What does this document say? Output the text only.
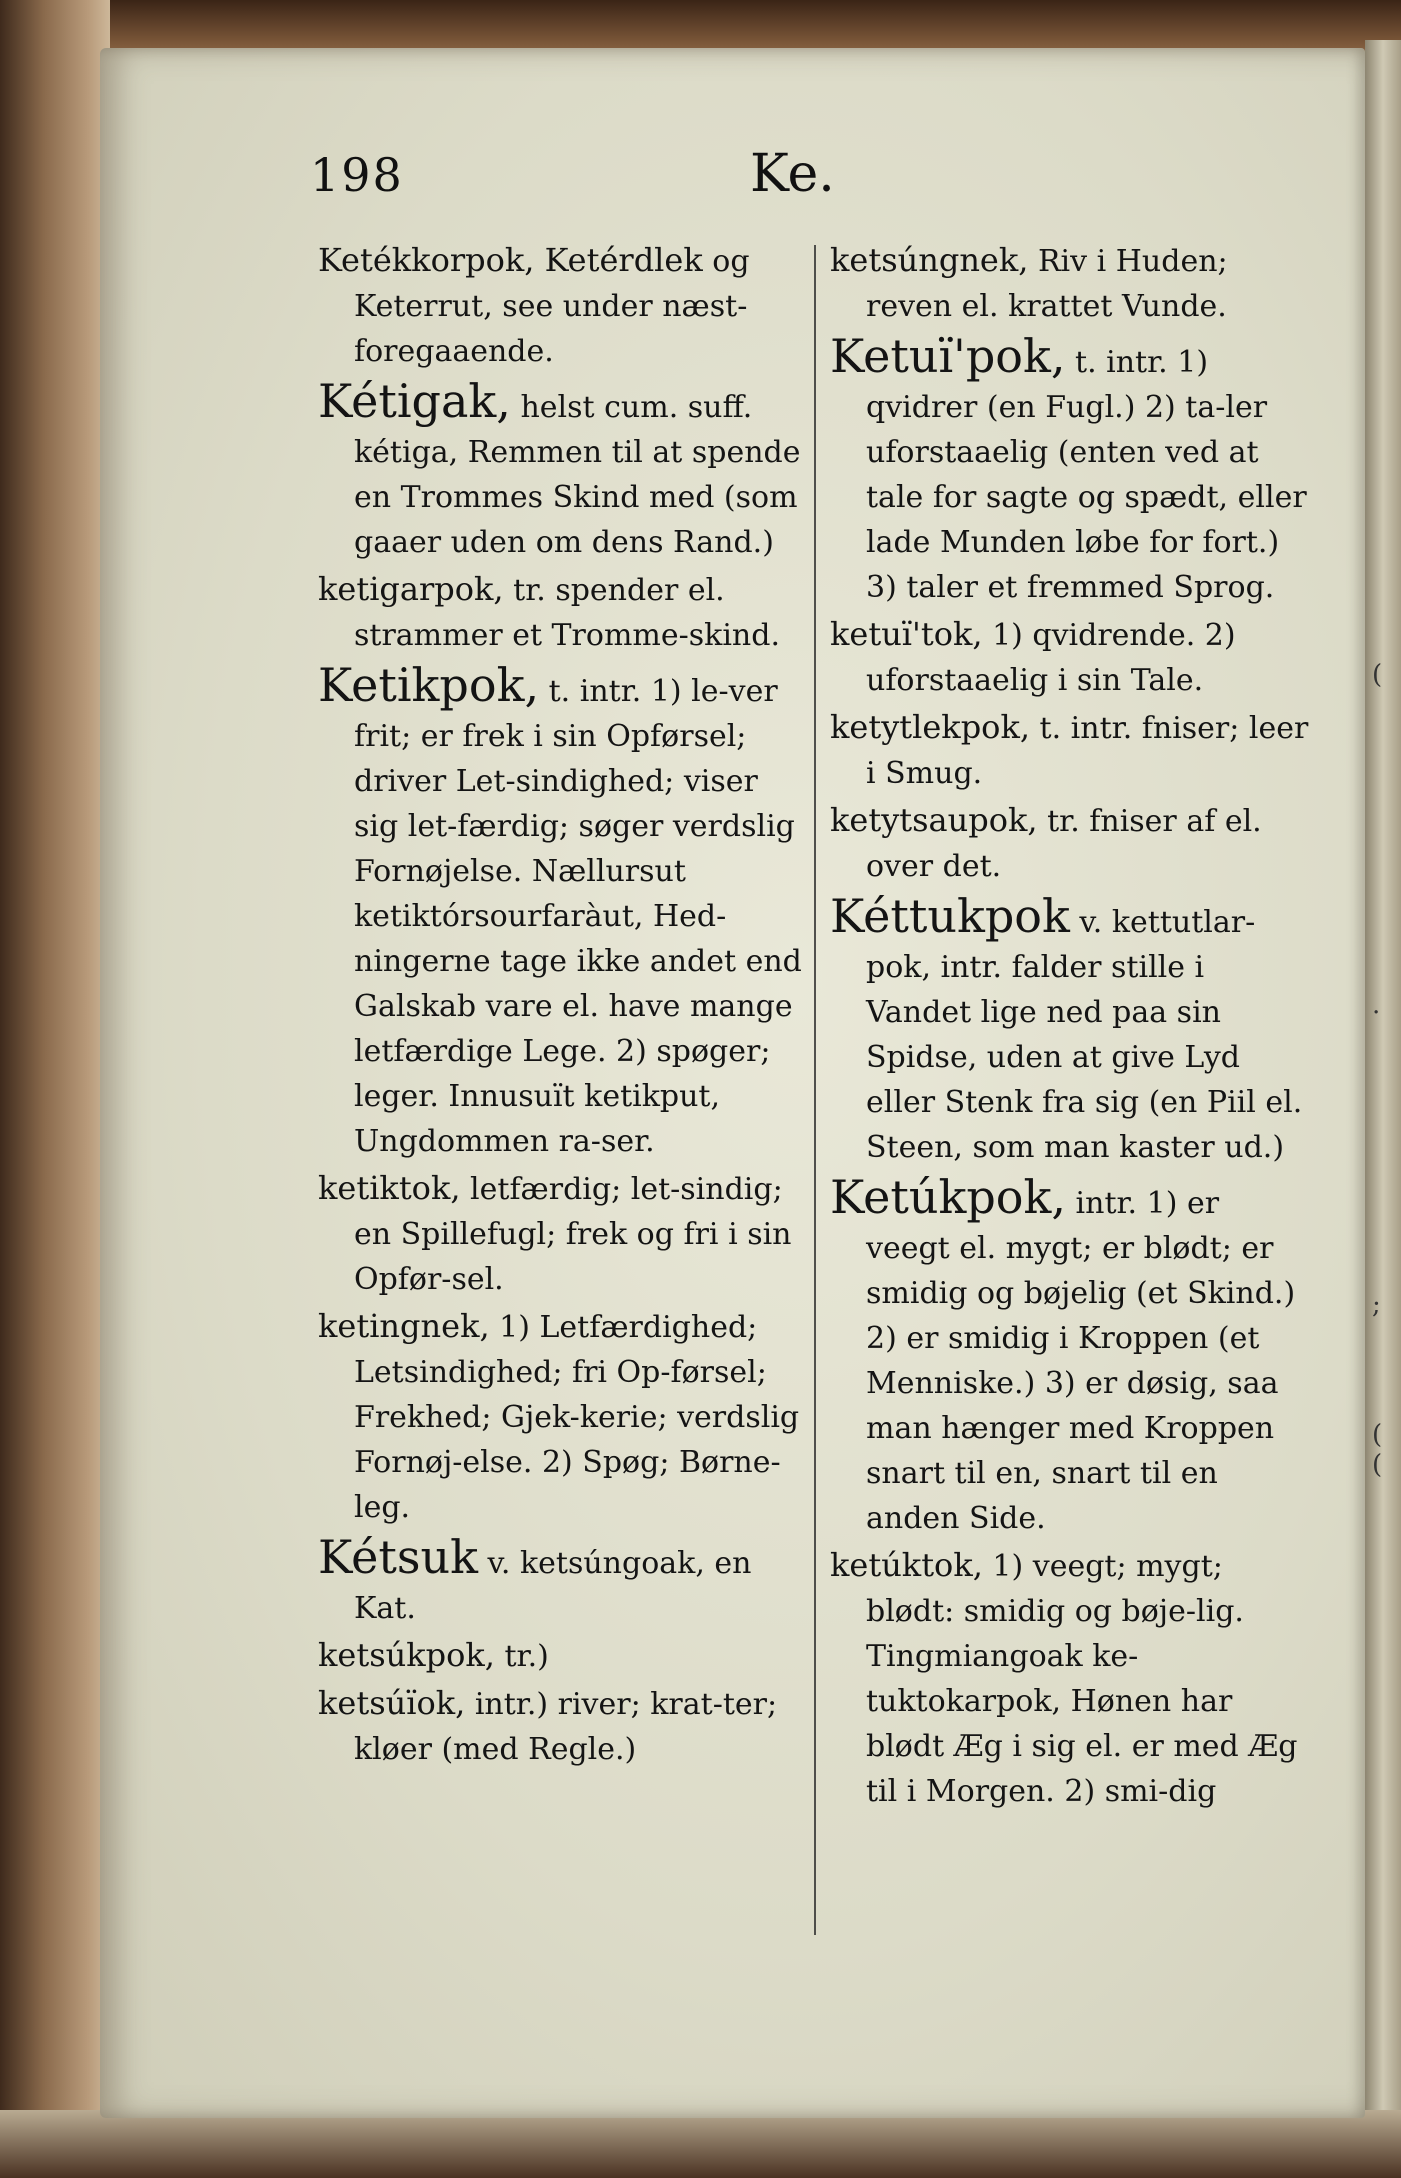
198	Ke.

Ketékkorpok, Ketérdlek og Keterrut, see under næst-foregaaende.

Kétigak, helst cum. suff. kétiga, Remmen til at spende en Trommes Skind med (som gaaer uden om dens Rand.)

ketigarpok, tr. spender el. strammer et Tromme-skind.

Ketikpok, t. intr. 1) le-ver frit; er frek i sin Opførsel; driver Let-sindighed; viser sig let-færdig; søger verdslig Fornøjelse. Nællursut ketiktórsourfaràut, Hed-ningerne tage ikke andet end Galskab vare el. have mange letfærdige Lege. 2) spøger; leger. Innusuït ketikput, Ungdommen ra-ser.

ketiktok, letfærdig; let-sindig; en Spillefugl; frek og fri i sin Opfør-sel.

ketingnek, 1) Letfærdighed; Letsindighed; fri Op-førsel; Frekhed; Gjek-kerie; verdslig Fornøj-else. 2) Spøg; Børne-leg.

Kétsuk v. ketsúngoak, en Kat.

ketsúkpok, tr.)

ketsúïok, intr.) river; krat-ter; kløer (med Regle.)

ketsúngnek, Riv i Huden; reven el. krattet Vunde.

Ketuï'pok, t. intr. 1) qvidrer (en Fugl.) 2) ta-ler uforstaaelig (enten ved at tale for sagte og spædt, eller lade Munden løbe for fort.) 3) taler et fremmed Sprog.

ketuï'tok, 1) qvidrende. 2) uforstaaelig i sin Tale.

ketytlekpok, t. intr. fniser; leer i Smug.

ketytsaupok, tr. fniser af el. over det.

Kéttukpok v. kettutlar-pok, intr. falder stille i Vandet lige ned paa sin Spidse, uden at give Lyd eller Stenk fra sig (en Piil el. Steen, som man kaster ud.)

Ketúkpok, intr. 1) er veegt el. mygt; er blødt; er smidig og bøjelig (et Skind.) 2) er smidig i Kroppen (et Menniske.) 3) er døsig, saa man hænger med Kroppen snart til en, snart til en anden Side.

ketúktok, 1) veegt; mygt; blødt: smidig og bøje-lig. Tingmiangoak ke-tuktokarpok, Hønen har blødt Æg i sig el. er med Æg til i Morgen. 2) smi-dig

(
.
;
(
(
